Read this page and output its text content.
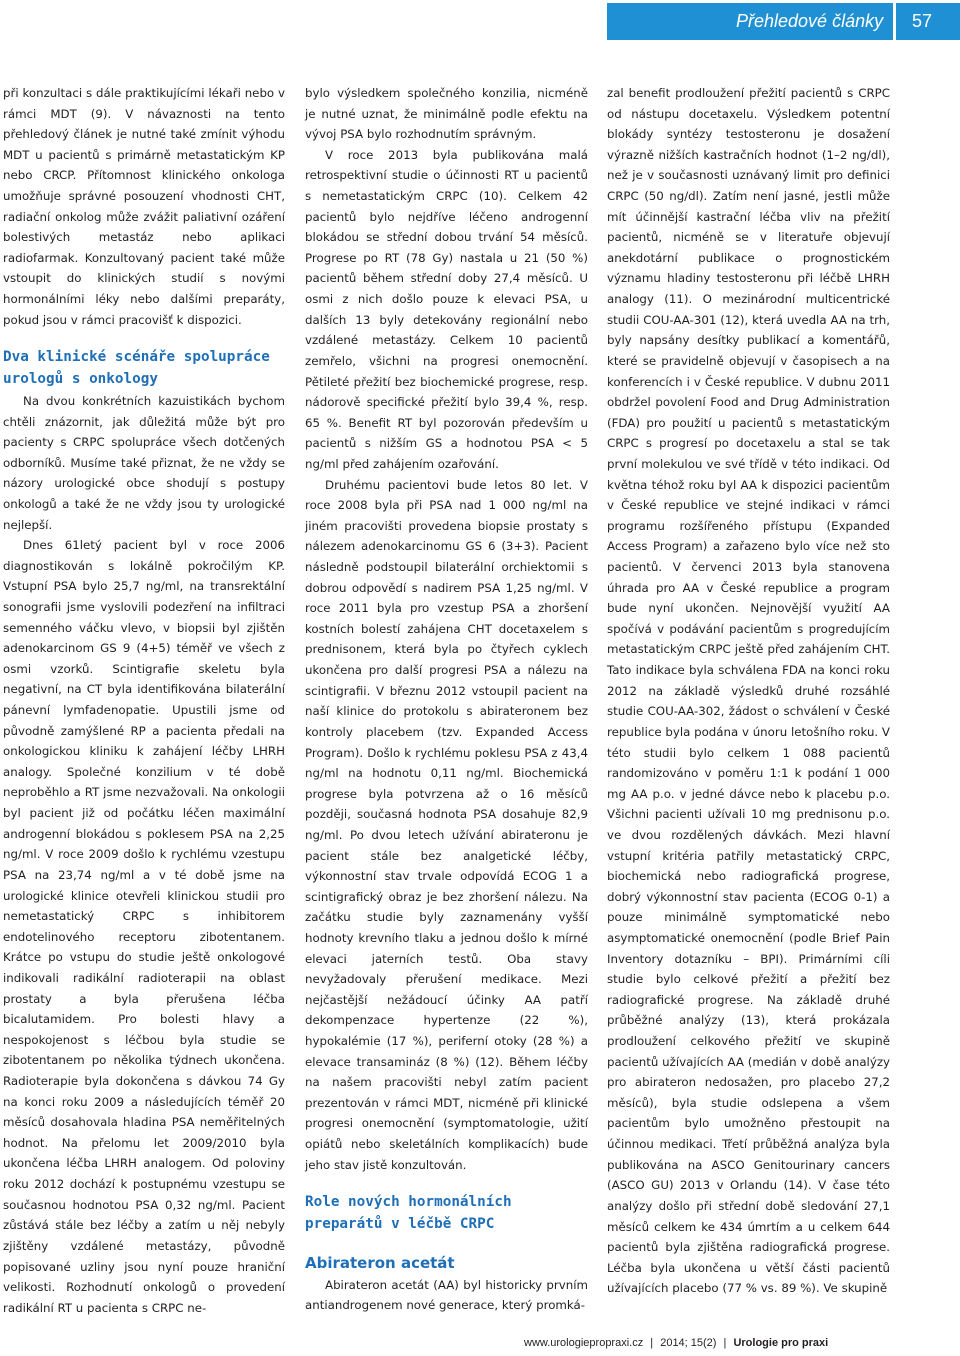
Přehledové články 57

při konzultaci s dále praktikujícími lékaři nebo v rámci MDT (9). V návaznosti na tento přehledový článek je nutné také zmínit výhodu MDT u pacientů s primárně metastatickým KP nebo CRCP. Přítomnost klinického onkologa umožňuje správné posouzení vhodnosti CHT, radiační onkolog může zvážit paliativní ozáření bolestivých metastáz nebo aplikaci radiofarmak. Konzultovaný pacient také může vstoupit do klinických studií s novými hormonálními léky nebo dalšími preparáty, pokud jsou v rámci pracovišť k dispozici.

Dva klinické scénáře spolupráce urologů s onkology

Na dvou konkrétních kazuistikách bychom chtěli znázornit, jak důležitá může být pro pacienty s CRPC spolupráce všech dotčených odborníků. Musíme také přiznat, že ne vždy se názory urologické obce shodují s postupy onkologů a také že ne vždy jsou ty urologické nejlepší.

Dnes 61letý pacient byl v roce 2006 diagnostikován s lokálně pokročilým KP. Vstupní PSA bylo 25,7 ng/ml, na transrektální sonografii jsme vyslovili podezření na infiltraci semenného váčku vlevo, v biopsii byl zjištěn adenokarcinom GS 9 (4+5) téměř ve všech z osmi vzorků. Scintigrafie skeletu byla negativní, na CT byla identifikována bilaterální pánevní lymfadenopatie. Upustili jsme od původně zamýšlené RP a pacienta předali na onkologickou kliniku k zahájení léčby LHRH analogy. Společné konzilium v té době neproběhlo a RT jsme nezvažovali. Na onkologii byl pacient již od počátku léčen maximální androgenní blokádou s poklesem PSA na 2,25 ng/ml. V roce 2009 došlo k rychlému vzestupu PSA na 23,74 ng/ml a v té době jsme na urologické klinice otevřeli klinickou studii pro nemetastatický CRPC s inhibitorem endotelinového receptoru zibotentanem. Krátce po vstupu do studie ještě onkologové indikovali radikální radioterapii na oblast prostaty a byla přerušena léčba bicalutamidem. Pro bolesti hlavy a nespokojenost s léčbou byla studie se zibotentanem po několika týdnech ukončena. Radioterapie byla dokončena s dávkou 74 Gy na konci roku 2009 a následujících téměř 20 měsíců dosahovala hladina PSA neměřitelných hodnot. Na přelomu let 2009/2010 byla ukončena léčba LHRH analogem. Od poloviny roku 2012 dochází k postupnému vzestupu se současnou hodnotou PSA 0,32 ng/ml. Pacient zůstává stále bez léčby a zatím u něj nebyly zjištěny vzdálené metastázy, původně popisované uzliny jsou nyní pouze hraniční velikosti. Rozhodnutí onkologů o provedení radikální RT u pacienta s CRPC ne-

bylo výsledkem společného konzilia, nicméně je nutné uznat, že minimálně podle efektu na vývoj PSA bylo rozhodnutím správným.

V roce 2013 byla publikována malá retrospektivní studie o účinnosti RT u pacientů s nemetastatickým CRPC (10). Celkem 42 pacientů bylo nejdříve léčeno androgenní blokádou se střední dobou trvání 54 měsíců. Progrese po RT (78 Gy) nastala u 21 (50 %) pacientů během střední doby 27,4 měsíců. U osmi z nich došlo pouze k elevaci PSA, u dalších 13 byly detekovány regionální nebo vzdálené metastázy. Celkem 10 pacientů zemřelo, všichni na progresi onemocnění. Pětileté přežití bez biochemické progrese, resp. nádorově specifické přežití bylo 39,4 %, resp. 65 %. Benefit RT byl pozorován především u pacientů s nižším GS a hodnotou PSA < 5 ng/ml před zahájením ozařování.

Druhému pacientovi bude letos 80 let. V roce 2008 byla při PSA nad 1 000 ng/ml na jiném pracovišti provedena biopsie prostaty s nálezem adenokarcinomu GS 6 (3+3). Pacient následně podstoupil bilaterální orchiektomii s dobrou odpovědí s nadirem PSA 1,25 ng/ml. V roce 2011 byla pro vzestup PSA a zhoršení kostních bolestí zahájena CHT docetaxelem s prednisonem, která byla po čtyřech cyklech ukončena pro další progresi PSA a nálezu na scintigrafii. V březnu 2012 vstoupil pacient na naší klinice do protokolu s abirateronem bez kontroly placebem (tzv. Expanded Access Program). Došlo k rychlému poklesu PSA z 43,4 ng/ml na hodnotu 0,11 ng/ml. Biochemická progrese byla potvrzena až o 16 měsíců později, současná hodnota PSA dosahuje 82,9 ng/ml. Po dvou letech užívání abirateronu je pacient stále bez analgetické léčby, výkonnostní stav trvale odpovídá ECOG 1 a scintigrafický obraz je bez zhoršení nálezu. Na začátku studie byly zaznamenány vyšší hodnoty krevního tlaku a jednou došlo k mírné elevaci jaterních testů. Oba stavy nevyžadovaly přerušení medikace. Mezi nejčastější nežádoucí účinky AA patří dekompenzace hypertenze (22 %), hypokalémie (17 %), periferní otoky (28 %) a elevace transamináz (8 %) (12). Během léčby na našem pracovišti nebyl zatím pacient prezentován v rámci MDT, nicméně při klinické progresi onemocnění (symptomatologie, užití opiátů nebo skeletálních komplikacích) bude jeho stav jistě konzultován.

Role nových hormonálních preparátů v léčbě CRPC
Abirateron acetát

Abirateron acetát (AA) byl historicky prvním antiandrogenem nové generace, který promká-

zal benefit prodloužení přežití pacientů s CRPC od nástupu docetaxelu. Výsledkem potentní blokády syntézy testosteronu je dosažení výrazně nižších kastračních hodnot (1–2 ng/dl), než je v současnosti uznávaný limit pro definici CRPC (50 ng/dl). Zatím není jasné, jestli může mít účinnější kastrační léčba vliv na přežití pacientů, nicméně se v literatuře objevují anekdotární publikace o prognostickém významu hladiny testosteronu při léčbě LHRH analogy (11). O mezinárodní multicentrické studii COU-AA-301 (12), která uvedla AA na trh, byly napsány desítky publikací a komentářů, které se pravidelně objevují v časopisech a na konferencích i v České republice. V dubnu 2011 obdržel povolení Food and Drug Administration (FDA) pro použití u pacientů s metastatickým CRPC s progresí po docetaxelu a stal se tak první molekulou ve své třídě v této indikaci. Od května téhož roku byl AA k dispozici pacientům v České republice ve stejné indikaci v rámci programu rozšířeného přístupu (Expanded Access Program) a zařazeno bylo více než sto pacientů. V červenci 2013 byla stanovena úhrada pro AA v České republice a program bude nyní ukončen. Nejnovější využití AA spočívá v podávání pacientům s progredujícím metastatickým CRPC ještě před zahájením CHT. Tato indikace byla schválena FDA na konci roku 2012 na základě výsledků druhé rozsáhlé studie COU-AA-302, žádost o schválení v České republice byla podána v únoru letošního roku. V této studii bylo celkem 1 088 pacientů randomizováno v poměru 1:1 k podání 1 000 mg AA p.o. v jedné dávce nebo k placebu p.o. Všichni pacienti užívali 10 mg prednisonu p.o. ve dvou rozdělených dávkách. Mezi hlavní vstupní kritéria patřily metastatický CRPC, biochemická nebo radiografická progrese, dobrý výkonnostní stav pacienta (ECOG 0-1) a pouze minimálně symptomatické nebo asymptomatické onemocnění (podle Brief Pain Inventory dotazníku – BPI). Primárními cíli studie bylo celkové přežití a přežití bez radiografické progrese. Na základě druhé průběžné analýzy (13), která prokázala prodloužení celkového přežití ve skupině pacientů užívajících AA (medián v době analýzy pro abirateron nedosažen, pro placebo 27,2 měsíců), byla studie odslepena a všem pacientům bylo umožněno přestoupit na účinnou medikaci. Třetí průběžná analýza byla publikována na ASCO Genitourinary cancers (ASCO GU) 2013 v Orlandu (14). V čase této analýzy došlo při střední době sledování 27,1 měsíců celkem ke 434 úmrtím a u celkem 644 pacientů byla zjištěna radiografická progrese. Léčba byla ukončena u větší části pacientů užívajících placebo (77 % vs. 89 %). Ve skupině

www.urologiepropraxi.cz | 2014; 15(2) | Urologie pro praxi
